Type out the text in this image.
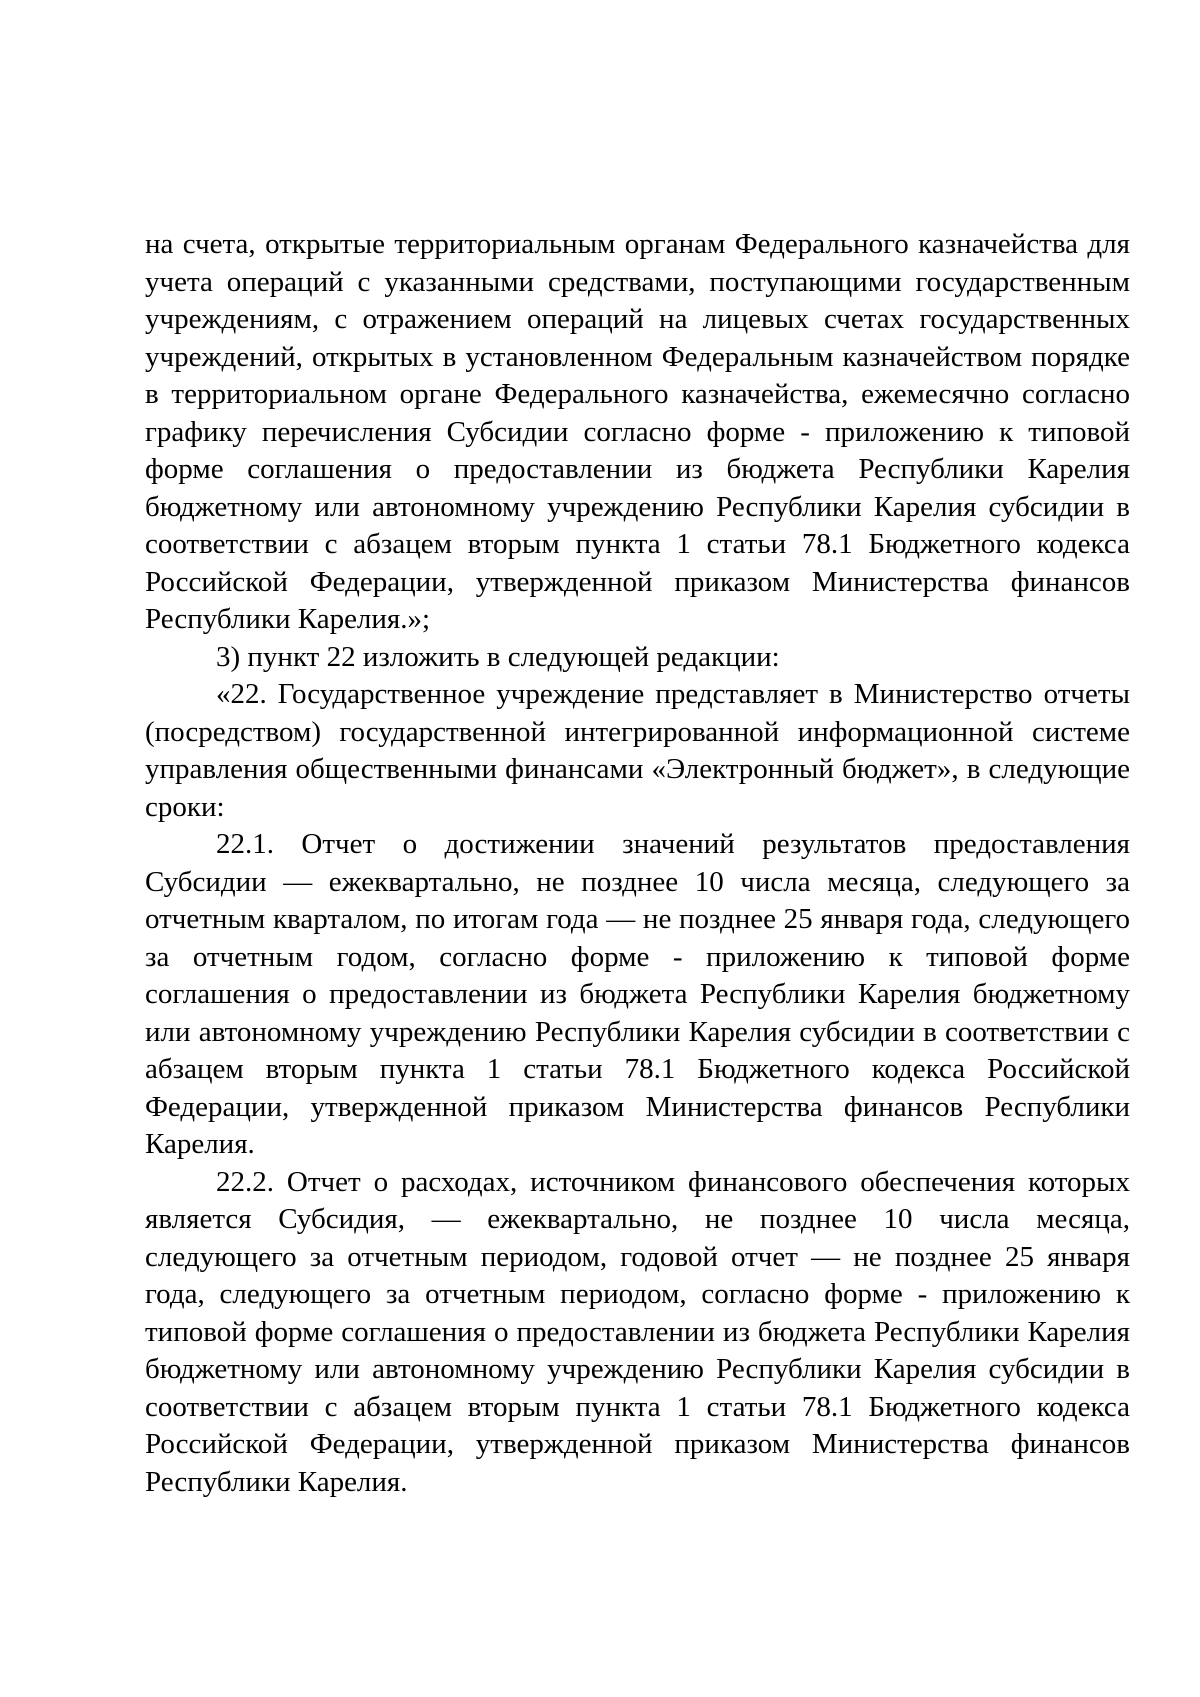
на счета, открытые территориальным органам Федерального казначейства для учета операций с указанными средствами, поступающими государственным учреждениям, с отражением операций на лицевых счетах государственных учреждений, открытых в установленном Федеральным казначейством порядке в территориальном органе Федерального казначейства, ежемесячно согласно графику перечисления Субсидии согласно форме - приложению к типовой форме соглашения о предоставлении из бюджета Республики Карелия бюджетному или автономному учреждению Республики Карелия субсидии в соответствии с абзацем вторым пункта 1 статьи 78.1 Бюджетного кодекса Российской Федерации, утвержденной приказом Министерства финансов Республики Карелия.»;

3) пункт 22 изложить в следующей редакции:

«22. Государственное учреждение представляет в Министерство отчеты (посредством) государственной интегрированной информационной системе управления общественными финансами «Электронный бюджет», в следующие сроки:

22.1. Отчет о достижении значений результатов предоставления Субсидии — ежеквартально, не позднее 10 числа месяца, следующего за отчетным кварталом, по итогам года — не позднее 25 января года, следующего за отчетным годом, согласно форме - приложению к типовой форме соглашения о предоставлении из бюджета Республики Карелия бюджетному или автономному учреждению Республики Карелия субсидии в соответствии с абзацем вторым пункта 1 статьи 78.1 Бюджетного кодекса Российской Федерации, утвержденной приказом Министерства финансов Республики Карелия.

22.2. Отчет о расходах, источником финансового обеспечения которых является Субсидия, — ежеквартально, не позднее 10 числа месяца, следующего за отчетным периодом, годовой отчет — не позднее 25 января года, следующего за отчетным периодом, согласно форме - приложению к типовой форме соглашения о предоставлении из бюджета Республики Карелия бюджетному или автономному учреждению Республики Карелия субсидии в соответствии с абзацем вторым пункта 1 статьи 78.1 Бюджетного кодекса Российской Федерации, утвержденной приказом Министерства финансов Республики Карелия.
